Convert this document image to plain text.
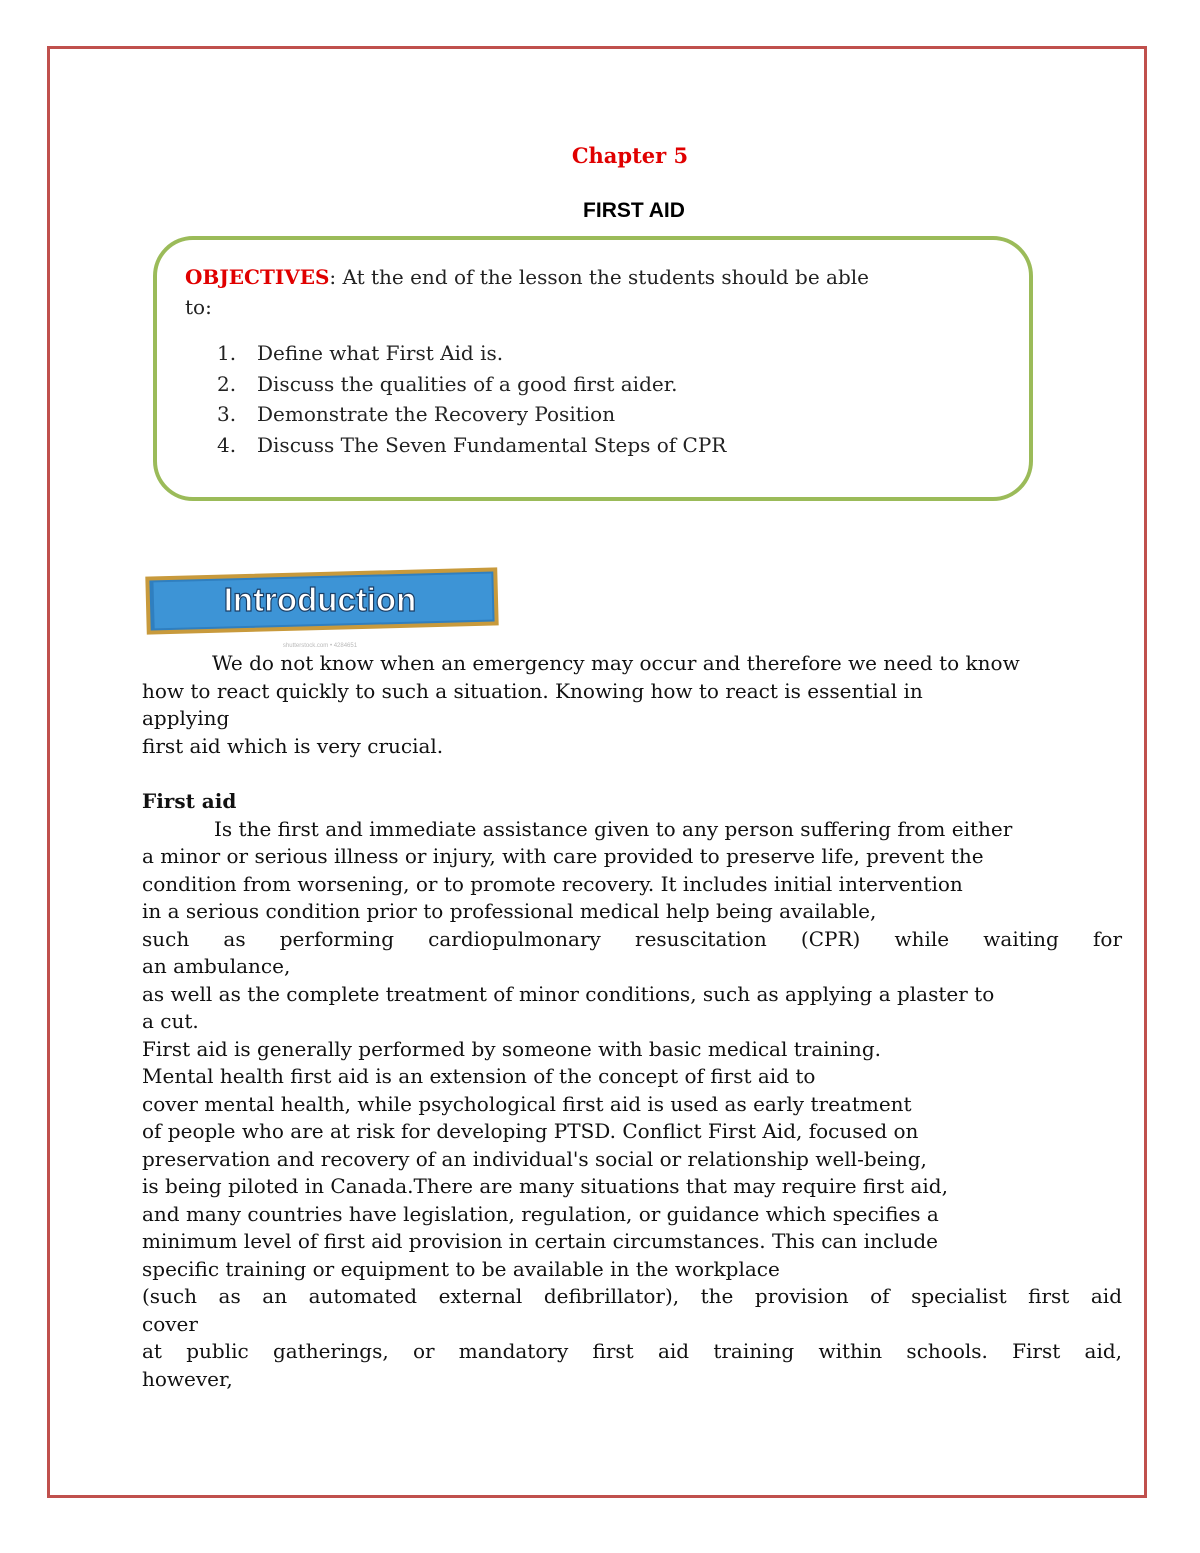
Chapter 5
FIRST AID
OBJECTIVES: At the end of the lesson the students should be able
to:
1.	Define what First Aid is.
2.	Discuss the qualities of a good first aider.
3.	Demonstrate the Recovery Position
4.	Discuss The Seven Fundamental Steps of CPR
Introduction
shutterstock.com • 4284651

We do not know when an emergency may occur and therefore we need to know

how to react quickly to such a situation. Knowing how to react is essential in

applying

first aid which is very crucial.

First aid

Is the first and immediate assistance given to any person suffering from either

a minor or serious illness or injury, with care provided to preserve life, prevent the

condition from worsening, or to promote recovery. It includes initial intervention

in a serious condition prior to professional medical help being available,

such as performing cardiopulmonary resuscitation (CPR) while waiting for

an ambulance,

as well as the complete treatment of minor conditions, such as applying a plaster to

a cut.

First aid is generally performed by someone with basic medical training.

Mental health first aid is an extension of the concept of first aid to

cover mental health, while psychological first aid is used as early treatment

of people who are at risk for developing PTSD. Conflict First Aid, focused on

preservation and recovery of an individual's social or relationship well-being,

is being piloted in Canada.There are many situations that may require first aid,

and many countries have legislation, regulation, or guidance which specifies a

minimum level of first aid provision in certain circumstances. This can include

specific training or equipment to be available in the workplace

(such as an automated external defibrillator), the provision of specialist first aid

cover

at public gatherings, or mandatory first aid training within schools. First aid,

however,
